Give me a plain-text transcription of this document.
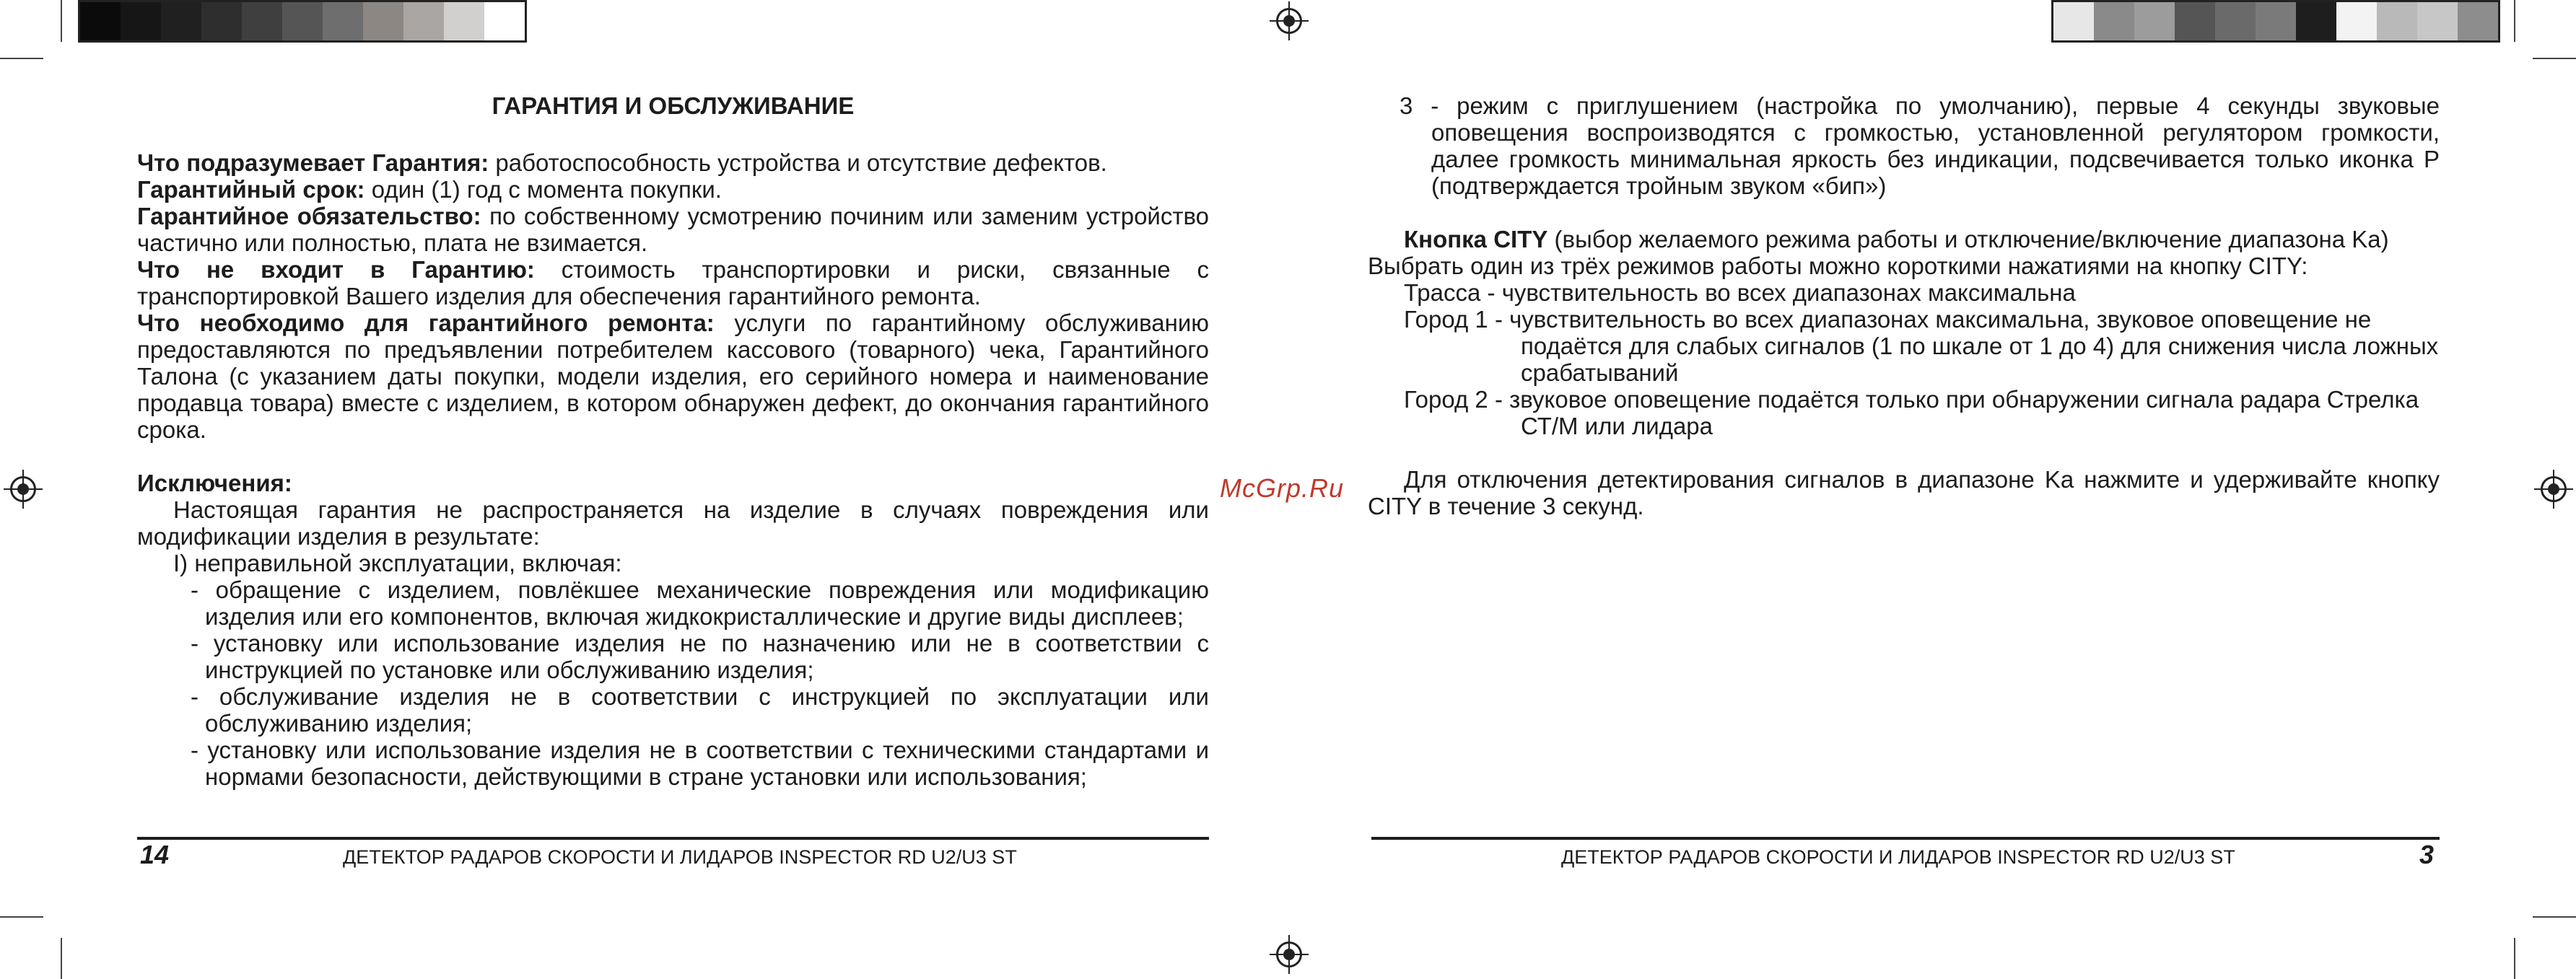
McGrp.Ru

ГАРАНТИЯ И ОБСЛУЖИВАНИЕ

Что подразумевает Гарантия: работоспособность устройства и отсутствие дефектов.

Гарантийный срок: один (1) год с момента покупки.

Гарантийное обязательство: по собственному усмотрению починим или заменим устройство частично или полностью, плата не взимается.

Что не входит в Гарантию: стоимость транспортировки и риски, связанные с транспортировкой Вашего изделия для обеспечения гарантийного ремонта.

Что необходимо для гарантийного ремонта: услуги по гарантийному обслуживанию предоставляются по предъявлении потребителем кассового (товарного) чека, Гарантийного Талона (с указанием даты покупки, модели изделия, его серийного номера и наименование продавца товара) вместе с изделием, в котором обнаружен дефект, до окончания гарантийного срока.

Исключения:

Настоящая гарантия не распространяется на изделие в случаях повреждения или модификации изделия в результате:

I) неправильной эксплуатации, включая:

- обращение с изделием, повлёкшее механические повреждения или модификацию изделия или его компонентов, включая жидкокристаллические и другие виды дисплеев;

- установку или использование изделия не по назначению или не в соответствии с инструкцией по установке или обслуживанию изделия;

- обслуживание изделия не в соответствии с инструкцией по эксплуатации или обслуживанию изделия;

- установку или использование изделия не в соответствии с техническими стандартами и нормами безопасности, действующими в стране установки или использования;

3 - режим с приглушением (настройка по умолчанию), первые 4 секунды звуковые оповещения воспроизводятся с громкостью, установленной регулятором громкости, далее громкость минимальная яркость без индикации, подсвечивается только иконка P (подтверждается тройным звуком «бип»)

Кнопка CITY (выбор желаемого режима работы и отключение/включение диапазона Ka)

Выбрать один из трёх режимов работы можно короткими нажатиями на кнопку CITY:

Трасса - чувствительность во всех диапазонах максимальна

Город 1 - чувствительность во всех диапазонах максимальна, звуковое оповещение не подаётся для слабых сигналов (1 по шкале от 1 до 4) для снижения числа ложных срабатываний

Город 2 - звуковое оповещение подаётся только при обнаружении сигнала радара Стрелка СТ/М или лидара

Для отключения детектирования сигналов в диапазоне Ka нажмите и удерживайте кнопку CITY в течение 3 секунд.

14	ДЕТЕКТОР РАДАРОВ СКОРОСТИ И ЛИДАРОВ INSPECTOR RD U2/U3 ST	ДЕТЕКТОР РАДАРОВ СКОРОСТИ И ЛИДАРОВ INSPECTOR RD U2/U3 ST	3
